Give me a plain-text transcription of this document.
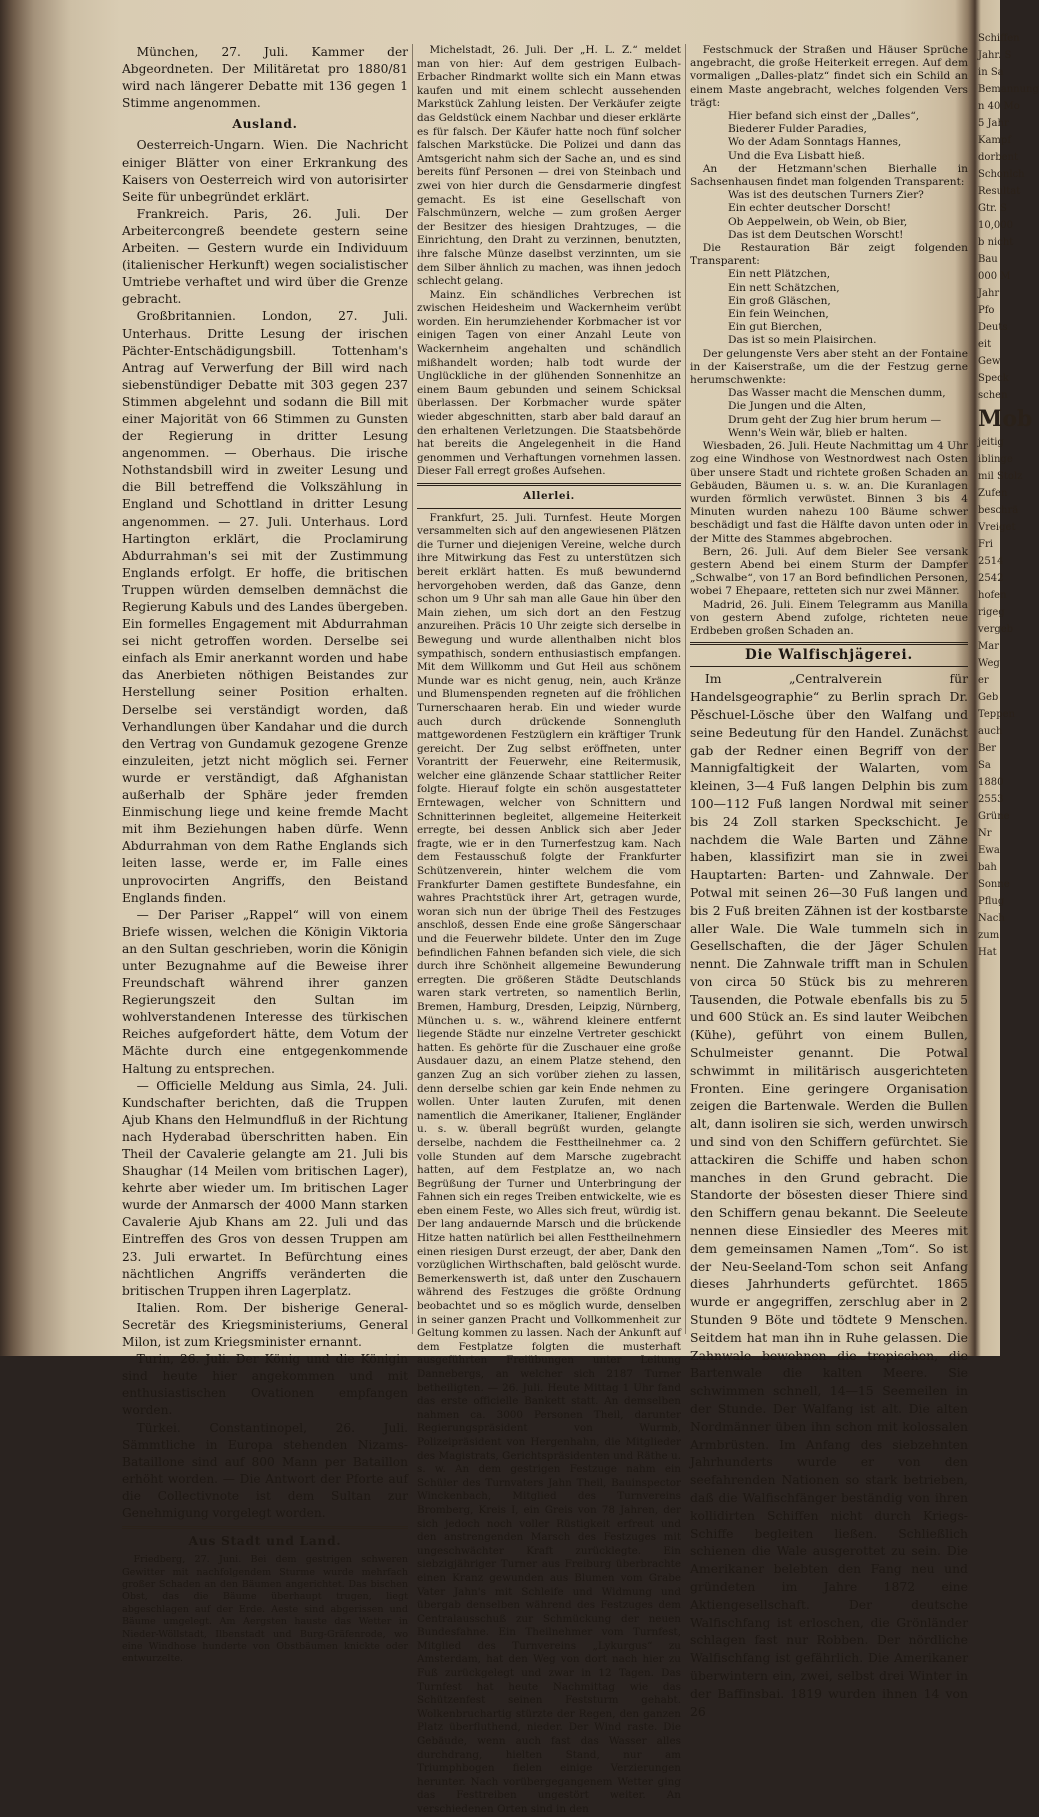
München, 27. Juli. Kammer der Abgeordneten. Der Militäretat pro 1880/81 wird nach längerer Debatte mit 136 gegen 1 Stimme angenommen.

Ausland.

Oesterreich-Ungarn. Wien. Die Nachricht einiger Blätter von einer Erkrankung des Kaisers von Oesterreich wird von autorisirter Seite für unbegründet erklärt.

Frankreich. Paris, 26. Juli. Der Arbeitercongreß beendete gestern seine Arbeiten. — Gestern wurde ein Individuum (italienischer Herkunft) wegen socialistischer Umtriebe verhaftet und wird über die Grenze gebracht.

Großbritannien. London, 27. Juli. Unterhaus. Dritte Lesung der irischen Pächter-Entschädigungsbill. Tottenham's Antrag auf Verwerfung der Bill wird nach siebenstündiger Debatte mit 303 gegen 237 Stimmen abgelehnt und sodann die Bill mit einer Majorität von 66 Stimmen zu Gunsten der Regierung in dritter Lesung angenommen. — Oberhaus. Die irische Nothstandsbill wird in zweiter Lesung und die Bill betreffend die Volkszählung in England und Schottland in dritter Lesung angenommen. — 27. Juli. Unterhaus. Lord Hartington erklärt, die Proclamirung Abdurrahman's sei mit der Zustimmung Englands erfolgt. Er hoffe, die britischen Truppen würden demselben demnächst die Regierung Kabuls und des Landes übergeben. Ein formelles Engagement mit Abdurrahman sei nicht getroffen worden. Derselbe sei einfach als Emir anerkannt worden und habe das Anerbieten nöthigen Beistandes zur Herstellung seiner Position erhalten. Derselbe sei verständigt worden, daß Verhandlungen über Kandahar und die durch den Vertrag von Gundamuk gezogene Grenze einzuleiten, jetzt nicht möglich sei. Ferner wurde er verständigt, daß Afghanistan außerhalb der Sphäre jeder fremden Einmischung liege und keine fremde Macht mit ihm Beziehungen haben dürfe. Wenn Abdurrahman von dem Rathe Englands sich leiten lasse, werde er, im Falle eines unprovocirten Angriffs, den Beistand Englands finden.

— Der Pariser „Rappel“ will von einem Briefe wissen, welchen die Königin Viktoria an den Sultan geschrieben, worin die Königin unter Bezugnahme auf die Beweise ihrer Freundschaft während ihrer ganzen Regierungszeit den Sultan im wohlverstandenen Interesse des türkischen Reiches aufgefordert hätte, dem Votum der Mächte durch eine entgegenkommende Haltung zu entsprechen.

— Officielle Meldung aus Simla, 24. Juli. Kundschafter berichten, daß die Truppen Ajub Khans den Helmundfluß in der Richtung nach Hyderabad überschritten haben. Ein Theil der Cavalerie gelangte am 21. Juli bis Shaughar (14 Meilen vom britischen Lager), kehrte aber wieder um. Im britischen Lager wurde der Anmarsch der 4000 Mann starken Cavalerie Ajub Khans am 22. Juli und das Eintreffen des Gros von dessen Truppen am 23. Juli erwartet. In Befürchtung eines nächtlichen Angriffs veränderten die britischen Truppen ihren Lagerplatz.

Italien. Rom. Der bisherige General-Secretär des Kriegsministeriums, General Milon, ist zum Kriegsminister ernannt.

Turin, 26. Juli. Der König und die Königin sind heute hier angekommen und mit enthusiastischen Ovationen empfangen worden.

Türkei. Constantinopel, 26. Juli. Sämmtliche in Europa stehenden Nizams-Bataillone sind auf 800 Mann per Bataillon erhöht worden. — Die Antwort der Pforte auf die Collectivnote ist dem Sultan zur Genehmigung vorgelegt worden.

Aus Stadt und Land.

Friedberg, 27. Juni. Bei dem gestrigen schweren Gewitter mit nachfolgendem Sturme wurde mehrfach großer Schaden an den Bäumen angerichtet. Das bischen Obst, das die Bäume überhaupt trugen, liegt abgeschlagen auf der Erde. Aeste sind abgerissen und Bäume umgelegt. Am Aergsten hauste das Wetter in Nieder-Wöllstadt, Ilbenstadt und Burg-Gräfenrode, wo eine Windhose hunderte von Obstbäumen knickte oder entwurzelte.

Michelstadt, 26. Juli. Der „H. L. Z.“ meldet man von hier: Auf dem gestrigen Eulbach-Erbacher Rindmarkt wollte sich ein Mann etwas kaufen und mit einem schlecht aussehenden Markstück Zahlung leisten. Der Verkäufer zeigte das Geldstück einem Nachbar und dieser erklärte es für falsch. Der Käufer hatte noch fünf solcher falschen Markstücke. Die Polizei und dann das Amtsgericht nahm sich der Sache an, und es sind bereits fünf Personen — drei von Steinbach und zwei von hier durch die Gensdarmerie dingfest gemacht. Es ist eine Gesellschaft von Falschmünzern, welche — zum großen Aerger der Besitzer des hiesigen Drahtzuges, — die Einrichtung, den Draht zu verzinnen, benutzten, ihre falsche Münze daselbst verzinnten, um sie dem Silber ähnlich zu machen, was ihnen jedoch schlecht gelang.

Mainz. Ein schändliches Verbrechen ist zwischen Heidesheim und Wackernheim verübt worden. Ein herumziehender Korbmacher ist vor einigen Tagen von einer Anzahl Leute von Wackernheim angehalten und schändlich mißhandelt worden; halb todt wurde der Unglückliche in der glühenden Sonnenhitze an einem Baum gebunden und seinem Schicksal überlassen. Der Korbmacher wurde später wieder abgeschnitten, starb aber bald darauf an den erhaltenen Verletzungen. Die Staatsbehörde hat bereits die Angelegenheit in die Hand genommen und Verhaftungen vornehmen lassen. Dieser Fall erregt großes Aufsehen.

Allerlei.

Frankfurt, 25. Juli. Turnfest. Heute Morgen versammelten sich auf den angewiesenen Plätzen die Turner und diejenigen Vereine, welche durch ihre Mitwirkung das Fest zu unterstützen sich bereit erklärt hatten. Es muß bewundernd hervorgehoben werden, daß das Ganze, denn schon um 9 Uhr sah man alle Gaue hin über den Main ziehen, um sich dort an den Festzug anzureihen. Präcis 10 Uhr zeigte sich derselbe in Bewegung und wurde allenthalben nicht blos sympathisch, sondern enthusiastisch empfangen. Mit dem Willkomm und Gut Heil aus schönem Munde war es nicht genug, nein, auch Kränze und Blumenspenden regneten auf die fröhlichen Turnerschaaren herab. Ein und wieder wurde auch durch drückende Sonnengluth mattgewordenen Festzüglern ein kräftiger Trunk gereicht. Der Zug selbst eröffneten, unter Vorantritt der Feuerwehr, eine Reitermusik, welcher eine glänzende Schaar stattlicher Reiter folgte. Hierauf folgte ein schön ausgestatteter Erntewagen, welcher von Schnittern und Schnitterinnen begleitet, allgemeine Heiterkeit erregte, bei dessen Anblick sich aber Jeder fragte, wie er in den Turnerfestzug kam. Nach dem Festausschuß folgte der Frankfurter Schützenverein, hinter welchem die vom Frankfurter Damen gestiftete Bundesfahne, ein wahres Prachtstück ihrer Art, getragen wurde, woran sich nun der übrige Theil des Festzuges anschloß, dessen Ende eine große Sängerschaar und die Feuerwehr bildete. Unter den im Zuge befindlichen Fahnen befanden sich viele, die sich durch ihre Schönheit allgemeine Bewunderung erregten. Die größeren Städte Deutschlands waren stark vertreten, so namentlich Berlin, Bremen, Hamburg, Dresden, Leipzig, Nürnberg, München u. s. w., während kleinere entfernt liegende Städte nur einzelne Vertreter geschickt hatten. Es gehörte für die Zuschauer eine große Ausdauer dazu, an einem Platze stehend, den ganzen Zug an sich vorüber ziehen zu lassen, denn derselbe schien gar kein Ende nehmen zu wollen. Unter lauten Zurufen, mit denen namentlich die Amerikaner, Italiener, Engländer u. s. w. überall begrüßt wurden, gelangte derselbe, nachdem die Festtheilnehmer ca. 2 volle Stunden auf dem Marsche zugebracht hatten, auf dem Festplatze an, wo nach Begrüßung der Turner und Unterbringung der Fahnen sich ein reges Treiben entwickelte, wie es eben einem Feste, wo Alles sich freut, würdig ist. Der lang andauernde Marsch und die brückende Hitze hatten natürlich bei allen Festtheilnehmern einen riesigen Durst erzeugt, der aber, Dank den vorzüglichen Wirthschaften, bald gelöscht wurde. Bemerkenswerth ist, daß unter den Zuschauern während des Festzuges die größte Ordnung beobachtet und so es möglich wurde, denselben in seiner ganzen Pracht und Vollkommenheit zur Geltung kommen zu lassen. Nach der Ankunft auf dem Festplatze folgten die musterhaft ausgeführten Freiübungen unter Leitung Dannebergs, an welcher sich 2187 Turner betheiligten. — 26. Juli. Heute Mittag 1 Uhr fand das erste officielle Bankett statt. An demselben nahmen ca. 3000 Personen Theil, darunter Regierungspräsident von Wurmb, Polizeipräsident von Hergenhahn, die Mitglieder des Magistrats, Gerichtspräsidenten und Räthe u. s. w. An dem gestrigen Festzuge nahm ein Schüler des Turnvaters Jahn Theil, Bauinspector Winckenbach, Mitglied des Turnvereins Bromberg, Kreis I, ein Greis von 78 Jahren, der sich jedoch noch voller Rüstigkeit erfreut und den anstrengenden Marsch des Festzuges mit ungeschwächter Kraft zurücklegte. Ein siebzigjähriger Turner aus Freiburg überbrachte einen Kranz gewunden aus Blumen vom Grabe Vater Jahn's mit Schleife und Widmung und übergab denselben während des Festzuges dem Centralausschuß zur Schmückung der neuen Bundesfahne. Ein Theilnehmer vom Turnfest, Mitglied des Turnvereins „Lykurgus“ zu Amsterdam, hat den Weg von dort nach hier zu Fuß zurückgelegt und zwar in 12 Tagen. Das Turnfest hat heute Nachmittag wie das Schützenfest seinen Feststurm gehabt. Wolkenbruchartig stürzte der Regen, den ganzen Platz überfluthend, nieder. Der Wind raste. Die Gebäude, wenn auch fast das Wasser alles durchdrang, hielten Stand, nur am Triumphbogen fielen einige Verzierungen herunter. Nach vorübergegangenem Wetter ging das Festtreiben ungestört weiter. An verschiedenen Orten sind in den

Festschmuck der Straßen und Häuser Sprüche angebracht, die große Heiterkeit erregen. Auf dem vormaligen „Dalles-platz“ findet sich ein Schild an einem Maste angebracht, welches folgenden Vers trägt:

Hier befand sich einst der „Dalles“,
Biederer Fulder Paradies,
Wo der Adam Sonntags Hannes,
Und die Eva Lisbatt hieß.

An der Hetzmann'schen Bierhalle in Sachsenhausen findet man folgenden Transparent:

Was ist des deutschen Turners Zier?
Ein echter deutscher Dorscht!
Ob Aeppelwein, ob Wein, ob Bier,
Das ist dem Deutschen Worscht!

Die Restauration Bär zeigt folgenden Transparent:

Ein nett Plätzchen,
Ein nett Schätzchen,
Ein groß Gläschen,
Ein fein Weinchen,
Ein gut Bierchen,
Das ist so mein Plaisirchen.

Der gelungenste Vers aber steht an der Fontaine in der Kaiserstraße, um die der Festzug gerne herumschwenkte:

Das Wasser macht die Menschen dumm,
Die Jungen und die Alten,
Drum geht der Zug hier brum herum —
Wenn's Wein wär, blieb er halten.

Wiesbaden, 26. Juli. Heute Nachmittag um 4 Uhr zog eine Windhose von Westnordwest nach Osten über unsere Stadt und richtete großen Schaden an Gebäuden, Bäumen u. s. w. an. Die Kuranlagen wurden förmlich verwüstet. Binnen 3 bis 4 Minuten wurden nahezu 100 Bäume schwer beschädigt und fast die Hälfte davon unten oder in der Mitte des Stammes abgebrochen.

Bern, 26. Juli. Auf dem Bieler See versank gestern Abend bei einem Sturm der Dampfer „Schwalbe“, von 17 an Bord befindlichen Personen, wobei 7 Ehepaare, retteten sich nur zwei Männer.

Madrid, 26. Juli. Einem Telegramm aus Manilla von gestern Abend zufolge, richteten neue Erdbeben großen Schaden an.

Die Walfischjägerei.

Im „Centralverein für Handelsgeographie“ zu Berlin sprach Dr. Pěschuel-Lösche über den Walfang und seine Bedeutung für den Handel. Zunächst gab der Redner einen Begriff von der Mannigfaltigkeit der Walarten, vom kleinen, 3—4 Fuß langen Delphin bis zum 100—112 Fuß langen Nordwal mit seiner bis 24 Zoll starken Speckschicht. Je nachdem die Wale Barten und Zähne haben, klassifizirt man sie in zwei Hauptarten: Barten- und Zahnwale. Der Potwal mit seinen 26—30 Fuß langen und bis 2 Fuß breiten Zähnen ist der kostbarste aller Wale. Die Wale tummeln sich in Gesellschaften, die der Jäger Schulen nennt. Die Zahnwale trifft man in Schulen von circa 50 Stück bis zu mehreren Tausenden, die Potwale ebenfalls bis zu 5 und 600 Stück an. Es sind lauter Weibchen (Kühe), geführt von einem Bullen, Schulmeister genannt. Die Potwal schwimmt in militärisch ausgerichteten Fronten. Eine geringere Organisation zeigen die Bartenwale. Werden die Bullen alt, dann isoliren sie sich, werden unwirsch und sind von den Schiffern gefürchtet. Sie attackiren die Schiffe und haben schon manches in den Grund gebracht. Die Standorte der bösesten dieser Thiere sind den Schiffern genau bekannt. Die Seeleute nennen diese Einsiedler des Meeres mit dem gemeinsamen Namen „Tom“. So ist der Neu-Seeland-Tom schon seit Anfang dieses Jahrhunderts gefürchtet. 1865 wurde er angegriffen, zerschlug aber in 2 Stunden 9 Böte und tödtete 9 Menschen. Seitdem hat man ihn in Ruhe gelassen. Die Zahnwale bewohnen die tropischen, die Bartenwale die kalten Meere. Sie schwimmen schnell, 14—15 Seemeilen in der Stunde. Der Walfang ist alt. Die alten Nordmänner üben ihn schon mit kolossalen Armbrüsten. Im Anfang des siebzehnten Jahrhunderts wurde er von den seefahrenden Nationen so stark betrieben, daß die Walfischfänger beständig von ihren kollidirten Schiffen nicht durch Kriegs-Schiffe begleiten ließen. Schließlich schienen die Wale ausgerottet zu sein. Die Amerikaner belebten den Fang neu und gründeten im Jahre 1872 eine Aktiengesellschaft. Der deutsche Walfischfang ist erloschen, die Grönländer schlagen fast nur Robben. Der nördliche Walfischfang ist gefährlich. Die Amerikaner überwintern ein, zwei, selbst drei Winter in der Baffinsbai. 1819 wurden ihnen 14 von 26

Schiffen
Jahr. S
in Sa
Bemannung
n 40 Mo
5 Jahr
Kampf
dorbent
Schonlch
Resultat
Gtr. S
10,000
b nicht
Bau
000 M
Jahr
Pfo
Deuts
eit
Gew
Speck
schen
Mob
jeitig
iblinge
mil Stolz
Zufen
beschrä
Vreiget
Fri
2514
2542
hofen
rigeg
vergeb
Mar
Weg
er
Geb
Teppen
auch
Ber
Sa
1880
2553
Grüne
Nr
Ewa
bah
Sonne
Pflug
Nach
zum
Hat
